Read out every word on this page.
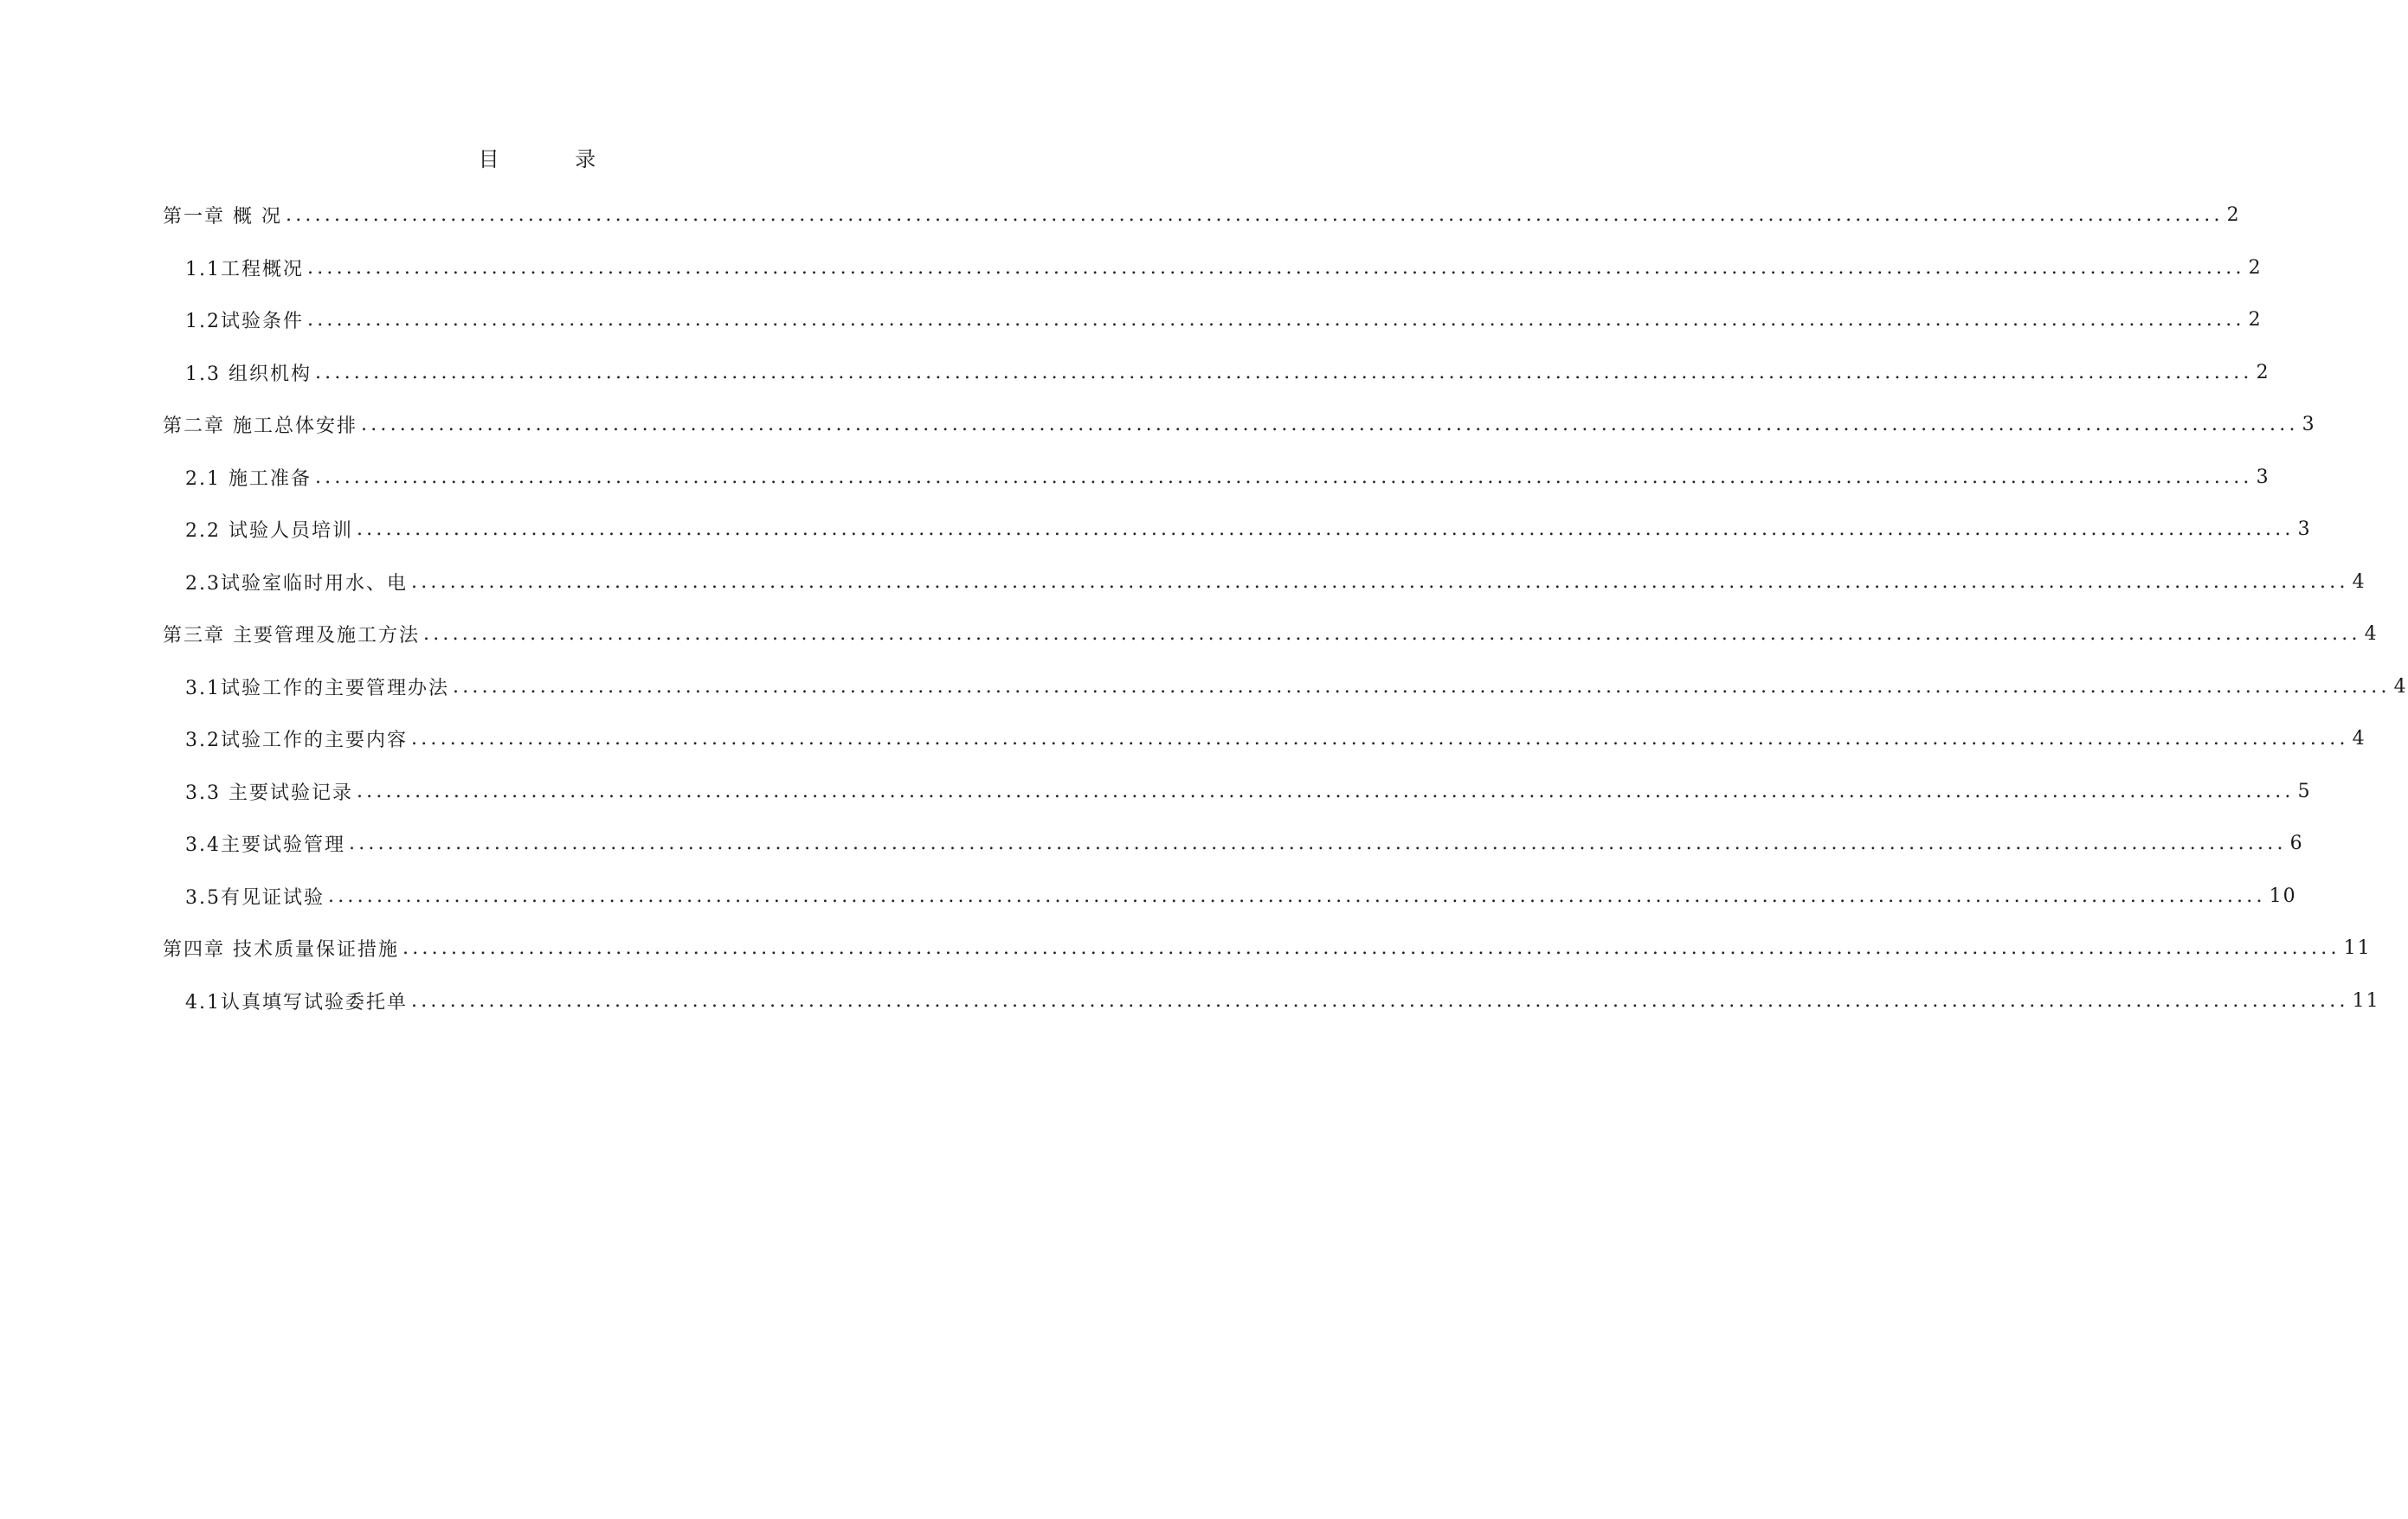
目 录
第一章 概 况 ........................................................................................................................................................................................................ 2
1.1工程概况 ........................................................................................................................................................................................................ 2
1.2试验条件 ........................................................................................................................................................................................................ 2
1.3 组织机构 ........................................................................................................................................................................................................ 2
第二章 施工总体安排 ........................................................................................................................................................................................................ 3
2.1 施工准备 ........................................................................................................................................................................................................ 3
2.2 试验人员培训 ........................................................................................................................................................................................................ 3
2.3试验室临时用水、电 ........................................................................................................................................................................................................ 4
第三章 主要管理及施工方法 ........................................................................................................................................................................................................ 4
3.1试验工作的主要管理办法 ........................................................................................................................................................................................................ 4
3.2试验工作的主要内容 ........................................................................................................................................................................................................ 4
3.3 主要试验记录 ........................................................................................................................................................................................................ 5
3.4主要试验管理 ........................................................................................................................................................................................................ 6
3.5有见证试验 ........................................................................................................................................................................................................ 10
第四章 技术质量保证措施 ........................................................................................................................................................................................................ 11
4.1认真填写试验委托单 ........................................................................................................................................................................................................ 11
